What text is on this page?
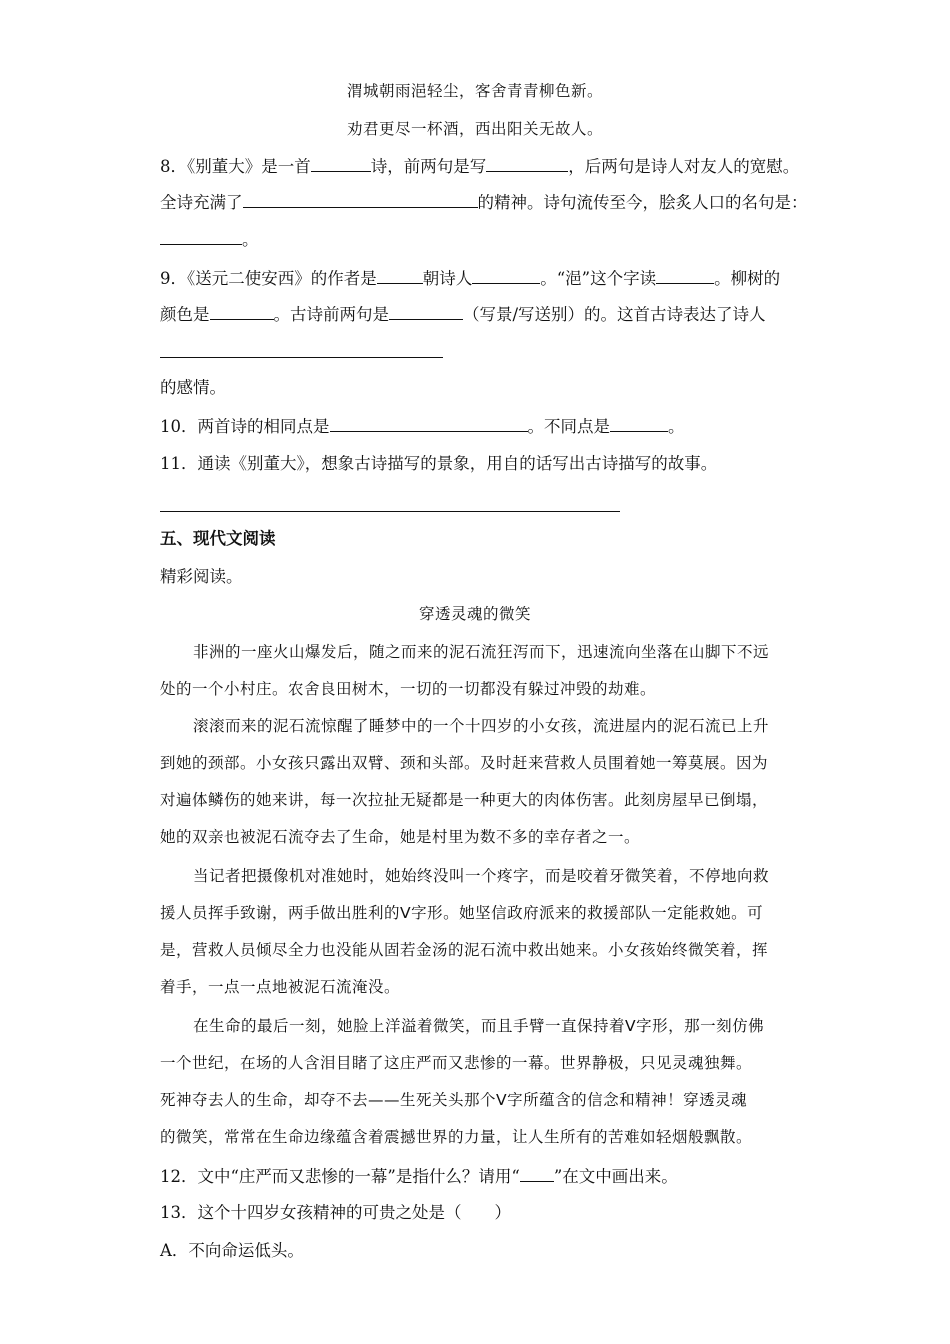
渭城朝雨浥轻尘，客舍青青柳色新。
劝君更尽一杯酒，西出阳关无故人。
8．《别董大》是一首	诗，前两句是写	，后两句是诗人对友人的宽慰。
全诗充满了	的精神。诗句流传至今，脍炙人口的名句是：
。
9．《送元二使安西》的作者是	朝诗人	。“浥”这个字读	。柳树的
颜色是	。古诗前两句是	（写景/写送别）的。这首古诗表达了诗人
的感情。
10．两首诗的相同点是	。不同点是	。
11．通读《别董大》，想象古诗描写的景象，用自的话写出古诗描写的故事。
五、现代文阅读
精彩阅读。
穿透灵魂的微笑
非洲的一座火山爆发后，随之而来的泥石流狂泻而下，迅速流向坐落在山脚下不远
处的一个小村庄。农舍良田树木，一切的一切都没有躲过冲毁的劫难。
滚滚而来的泥石流惊醒了睡梦中的一个十四岁的小女孩，流进屋内的泥石流已上升
到她的颈部。小女孩只露出双臂、颈和头部。及时赶来营救人员围着她一筹莫展。因为
对遍体鳞伤的她来讲，每一次拉扯无疑都是一种更大的肉体伤害。此刻房屋早已倒塌，
她的双亲也被泥石流夺去了生命，她是村里为数不多的幸存者之一。
当记者把摄像机对准她时，她始终没叫一个疼字，而是咬着牙微笑着，不停地向救
援人员挥手致谢，两手做出胜利的Ⅴ字形。她坚信政府派来的救援部队一定能救她。可
是，营救人员倾尽全力也没能从固若金汤的泥石流中救出她来。小女孩始终微笑着，挥
着手，一点一点地被泥石流淹没。
在生命的最后一刻，她脸上洋溢着微笑，而且手臂一直保持着Ⅴ字形，那一刻仿佛
一个世纪，在场的人含泪目睹了这庄严而又悲惨的一幕。世界静极，只见灵魂独舞。
死神夺去人的生命，却夺不去——生死关头那个Ⅴ字所蕴含的信念和精神！穿透灵魂
的微笑，常常在生命边缘蕴含着震撼世界的力量，让人生所有的苦难如轻烟般飘散。
12．文中“庄严而又悲惨的一幕”是指什么？请用“ ”在文中画出来。
13．这个十四岁女孩精神的可贵之处是（　　）
A．不向命运低头。
